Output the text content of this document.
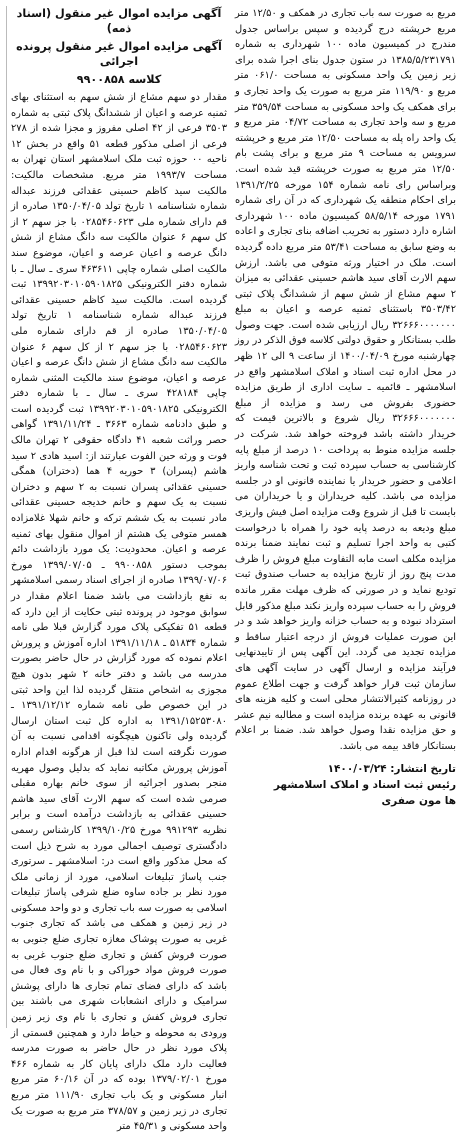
آگهی مزایده اموال غیر منقول (اسناد ذمه)
آگهی مزایده اموال غیر منقول پرونده اجرائی
کلاسه ۹۹۰۰۸۵۸

مقدار دو سهم مشاع از شش سهم به استثنای بهای ثمنیه عرصه و اعیان از ششدانگ پلاک ثبتی به شماره ۳۵۰۳ فرعی از ۴۲ اصلی مفروز و مجزا شده از ۲۷۸ فرعی از اصلی مذکور قطعه ۵۱ واقع در بخش ۱۲ ناحیه ۰۰ حوزه ثبت ملک اسلامشهر استان تهران به مساحت ۱۹۹۳/۷ متر مربع. مشخصات مالکیت: مالکیت سید کاظم حسینی عقدائی فرزند عبداله شماره شناسنامه ۱ تاریخ تولد ۱۳۵۰/۰۴/۰۵ صادره از قم دارای شماره ملی ۰۲۸۵۴۶۰۶۲۳ با جز سهم ۲ از کل سهم ۶ عنوان مالکیت سه دانگ مشاع از شش دانگ عرصه و اعیان عرصه و اعیان، موضوع سند مالکیت اصلی شماره چاپی ۴۶۳۶۱۱ سری ـ سال ـ با شماره دفتر الکترونیکی ۱۳۹۹۲۰۳۰۱۰۵۹۰۱۸۲۵ ثبت گردیده است. مالکیت سید کاظم حسینی عقدائی فرزند عبداله شماره شناسنامه ۱ تاریخ تولد ۱۳۵۰/۰۴/۰۵ صادره از قم دارای شماره ملی ۰۲۸۵۴۶۰۶۲۳ با جز سهم ۲ از کل سهم ۶ عنوان مالکیت سه دانگ مشاع از شش دانگ عرصه و اعیان عرصه و اعیان، موضوع سند مالکیت المثنی شماره چاپی ۴۲۸۱۸۴ سری ـ سال ـ با شماره دفتر الکترونیکی ۱۳۹۹۲۰۳۰۱۰۵۹۰۱۸۲۵ ثبت گردیده است و طبق دادنامه شماره ۳۶۶۳ ـ ۱۳۹۱/۱۱/۲۴ گواهی حصر وراثت شعبه ۴۱ دادگاه حقوقی ۲ تهران مالک فوت و ورثه حین الفوت عبارتند از: اسید هادی ۲ سید هاشم (پسران) ۳ حوریه ۴ هما (دختران) همگی حسینی عقدائی پسران نسبت به ۲ سهم و دختران نسبت به یک سهم و خانم خدیجه حسینی عقدائی مادر نسبت به یک ششم ترکه و خانم شهلا غلامزاده همسر متوفی یک هشتم از اموال منقول بهای ثمنیه عرصه و اعیان. محدودیت: یک مورد بازداشت دائم بموجب دستور ۹۹۰۰۸۵۸ ـ ۱۳۹۹/۰۷/۰۵ مورخ ۱۳۹۹/۰۷/۰۶ صادره از اجرای اسناد رسمی اسلامشهر به نفع بازداشت می باشد ضمنا اعلام مقدار در سوابق موجود در پرونده ثبتی حکایت از این دارد که قطعه ۵۱ تفکیکی پلاک مورد گزارش قبلا طی نامه شماره ۵۱۸۳۴ ـ ۱۳۹۱/۱۱/۱۸ اداره آموزش و پرورش اعلام نموده که مورد گزارش در حال حاضر بصورت مدرسه می باشد و دفتر خانه ۲ شهر بدون هیچ مجوزی به اشخاص منتقل گردیده لذا این واحد ثبتی در این خصوص طی نامه شماره ۱۳۹۱/۱۲/۱۲ ـ ۱۳۹۱/۱۵۲۵۳۰۸۰ به اداره کل ثبت استان ارسال گردیده ولی تاکنون هیچگونه اقدامی نسبت به آن صورت نگرفته است لذا قبل از هرگونه اقدام اداره آموزش پرورش مکاتبه نماید که بدلیل وصول مهریه منجر بصدور اجرائیه از سوی خانم بهاره مقبلی صرمی شده است که سهم الارث آقای سید هاشم حسینی عقدائی به بازداشت درآمده است و برابر نظریه ۹۹۱۲۹۳ مورخ ۱۳۹۹/۱۰/۲۵ کارشناس رسمی دادگستری توصیف اجمالی مورد به شرح ذیل است که محل مذکور واقع است در: اسلامشهر ـ سرتوری جنب پاساژ تبلیغات اسلامی، مورد از زمانی ملک مورد نظر بر جاده ساوه ضلع شرقی پاساژ تبلیغات اسلامی به صورت سه باب تجاری و دو واحد مسکونی در زیر زمین و همکف می باشد که تجاری جنوب غربی به صورت پوشاک مغازه تجاری ضلع جنوبی به صورت فروش کفش و تجاری ضلع جنوب غربی به صورت فروش مواد خوراکی و با نام وی فعال می باشد که دارای فضای تمام تجاری ها دارای پوشش سرامیک و دارای انشعابات شهری می باشند بین تجاری فروش کفش و تجاری با نام وی زیر زمین ورودی به محوطه و حیاط دارد و همچنین قسمتی از پلاک مورد نظر در حال حاضر به صورت مدرسه فعالیت دارد ملک دارای پایان کار به شماره ۴۶۶ مورخ ۱۳۷۹/۰۲/۰۱ بوده که در آن ۶۰/۱۶ متر مربع انبار مسکونی و یک باب تجاری ۱۱۱/۹۰ متر مربع تجاری در زیر زمین و ۳۷۸/۵۷ متر مربع به صورت یک واحد مسکونی و ۴۵/۳۱ متر

مربع به صورت سه باب تجاری در همکف و ۱۲/۵۰ متر مربع خرپشته درج گردیده و سپس براساس جدول مندرج در کمیسیون ماده ۱۰۰ شهرداری به شماره ۱۳۸۵/۵/۲۳۱۷۹۱ در ستون جدول بنای اجرا شده برای زیر زمین یک واحد مسکونی به مساحت ۰۶۱/۰ متر مربع و ۱۱۹/۹۰ متر مربع به صورت یک واحد تجاری و برای همکف یک واحد مسکونی به مساحت ۳۵۹/۵۴ متر مربع و سه واحد تجاری به مساحت ۰۴/۷۲ متر مربع و یک واحد راه پله به مساحت ۱۲/۵۰ متر مربع و خرپشته سرویس به مساحت ۹ متر مربع و برای پشت بام ۱۲/۵۰ متر مربع به صورت خرپشته قید شده است. وبراساس رای نامه شماره ۱۵۴ مورخه ۱۳۹۱/۲/۲۵ برای احکام منطقه یک شهرداری که در آن رای شماره ۱۷۹۱ مورخه ۵۸/۵/۱۴ کمیسیون ماده ۱۰۰ شهرداری اشاره دارد دستور به تخریب اضافه بنای تجاری و اعاده به وضع سابق به مساحت ۵۳/۴۱ متر مربع داده گردیده است. ملک در اختیار ورثه متوفی می باشد. ارزش سهم الارث آقای سید هاشم حسینی عقدائی به میزان ۲ سهم مشاع از شش سهم از ششدانگ پلاک ثبتی ۳۵۰۳/۴۲ باستثنای ثمنیه عرصه و اعیان به مبلغ ۳۲۶۶۶۰۰۰۰۰۰۰ ریال ارزیابی شده است. جهت وصول طلب بستانکار و حقوق دولتی کلاسه فوق الذکر در روز چهارشنبه مورخ ۱۴۰۰/۰۴/۰۹ از ساعت ۹ الی ۱۲ ظهر در محل اداره ثبت اسناد و املاک اسلامشهر واقع در اسلامشهر ـ قائمیه ـ سایت اداری از طریق مزایده حضوری بفروش می رسد و مزایده از مبلغ ۳۲۶۶۶۰۰۰۰۰۰۰ ریال شروع و بالاترین قیمت که خریدار داشته باشد فروخته خواهد شد. شرکت در جلسه مزایده منوط به پرداخت ۱۰ درصد از مبلغ پایه کارشناسی به حساب سپرده ثبت و تحت شناسه واریز اعلامی و حضور خریدار یا نماینده قانونی او در جلسه مزایده می باشد. کلیه خریداران و یا خریداران می بایست تا قبل از شروع وقت مزایده اصل فیش واریزی مبلغ ودیعه به درصد پایه خود را همراه با درخواست کتبی به واحد اجرا تسلیم و ثبت نمایند ضمنا برنده مزایده مکلف است مابه التفاوت مبلغ فروش را ظرف مدت پنج روز از تاریخ مزایده به حساب صندوق ثبت تودیع نماید و در صورتی که ظرف مهلت مقرر مانده فروش را به حساب سپرده واریز نکند مبلغ مذکور قابل استرداد نبوده و به حساب خزانه واریز خواهد شد و در این صورت عملیات فروش از درجه اعتبار ساقط و مزایده تجدید می گردد. این آگهی پس از تاییدنهایی فرآیند مزایده و ارسال آگهی در سایت آگهی های سازمان ثبت قرار خواهد گرفت و جهت اطلاع عموم در روزنامه کثیرالانتشار محلی است و کلیه هزینه های قانونی به عهده برنده مزایده است و مطالبه نیم عشر و حق مزایده نقدا وصول خواهد شد. ضمنا بر اعلام بستانکار فاقد بیمه می باشد.

تاریخ انتشار: ۱۴۰۰/۰۳/۲۴
رئیس ثبت اسناد و املاک اسلامشهر
ها مون صفری
